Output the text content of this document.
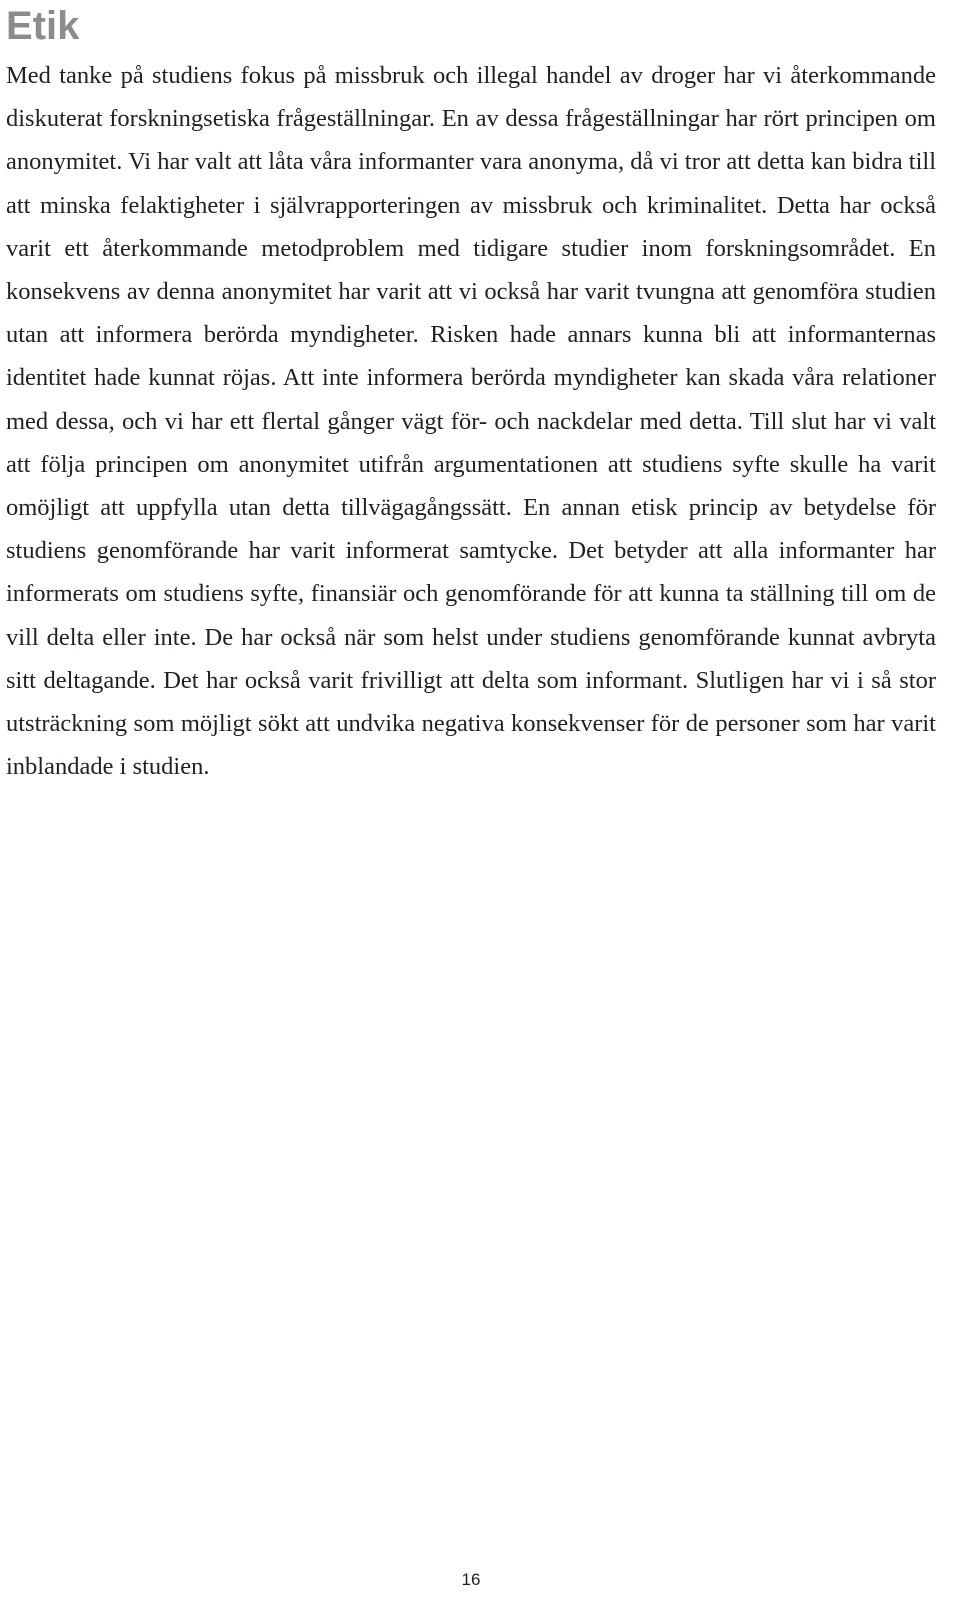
Etik

Med tanke på studiens fokus på missbruk och illegal handel av droger har vi återkommande diskuterat forskningsetiska frågeställningar. En av dessa frågeställningar har rört principen om anonymitet. Vi har valt att låta våra informanter vara anonyma, då vi tror att detta kan bidra till att minska felaktigheter i självrapporteringen av missbruk och kriminalitet. Detta har också varit ett återkommande metodproblem med tidigare studier inom forskningsområdet. En konsekvens av denna anonymitet har varit att vi också har varit tvungna att genomföra studien utan att informera berörda myndigheter. Risken hade annars kunna bli att informanternas identitet hade kunnat röjas. Att inte informera berörda myndigheter kan skada våra relationer med dessa, och vi har ett flertal gånger vägt för- och nackdelar med detta. Till slut har vi valt att följa principen om anonymitet utifrån argumentationen att studiens syfte skulle ha varit omöjligt att uppfylla utan detta tillvägagångssätt. En annan etisk princip av betydelse för studiens genomförande har varit informerat samtycke. Det betyder att alla informanter har informerats om studiens syfte, finansiär och genomförande för att kunna ta ställning till om de vill delta eller inte. De har också när som helst under studiens genomförande kunnat avbryta sitt deltagande. Det har också varit frivilligt att delta som informant. Slutligen har vi i så stor utsträckning som möjligt sökt att undvika negativa konsekvenser för de personer som har varit inblandade i studien.

16
